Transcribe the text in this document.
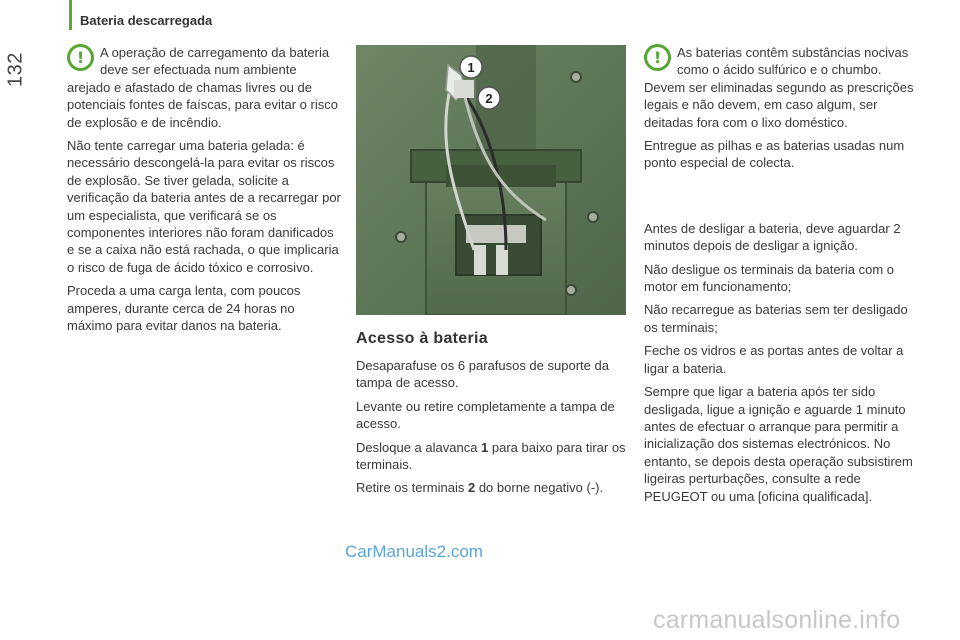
Bateria descarregada
132	! A operação de carregamento da bateria deve ser efectuada num ambiente arejado e afastado de chamas livres ou de potenciais fontes de faíscas, para evitar o risco de explosão e de incêndio.

Não tente carregar uma bateria gelada: é necessário descongelá-la para evitar os riscos de explosão. Se tiver gelada, solicite a verificação da bateria antes de a recarregar por um especialista, que verificará se os componentes interiores não foram danificados e se a caixa não está rachada, o que implicaria o risco de fuga de ácido tóxico e corrosivo.

Proceda a uma carga lenta, com poucos amperes, durante cerca de 24 horas no máximo para evitar danos na bateria.

1
2
Acesso à bateria

Desaparafuse os 6 parafusos de suporte da tampa de acesso.

Levante ou retire completamente a tampa de acesso.

Desloque a alavanca 1 para baixo para tirar os terminais.

Retire os terminais 2 do borne negativo (-).

! As baterias contêm substâncias nocivas como o ácido sulfúrico e o chumbo. Devem ser eliminadas segundo as prescrições legais e não devem, em caso algum, ser deitadas fora com o lixo doméstico.

Entregue as pilhas e as baterias usadas num ponto especial de colecta.

Antes de desligar a bateria, deve aguardar 2 minutos depois de desligar a ignição.

Não desligue os terminais da bateria com o motor em funcionamento;

Não recarregue as baterias sem ter desligado os terminais;

Feche os vidros e as portas antes de voltar a ligar a bateria.

Sempre que ligar a bateria após ter sido desligada, ligue a ignição e aguarde 1 minuto antes de efectuar o arranque para permitir a inicialização dos sistemas electrónicos. No entanto, se depois desta operação subsistirem ligeiras perturbações, consulte a rede PEUGEOT ou uma [oficina qualificada].

CarManuals2.com
carmanualsonline.info
